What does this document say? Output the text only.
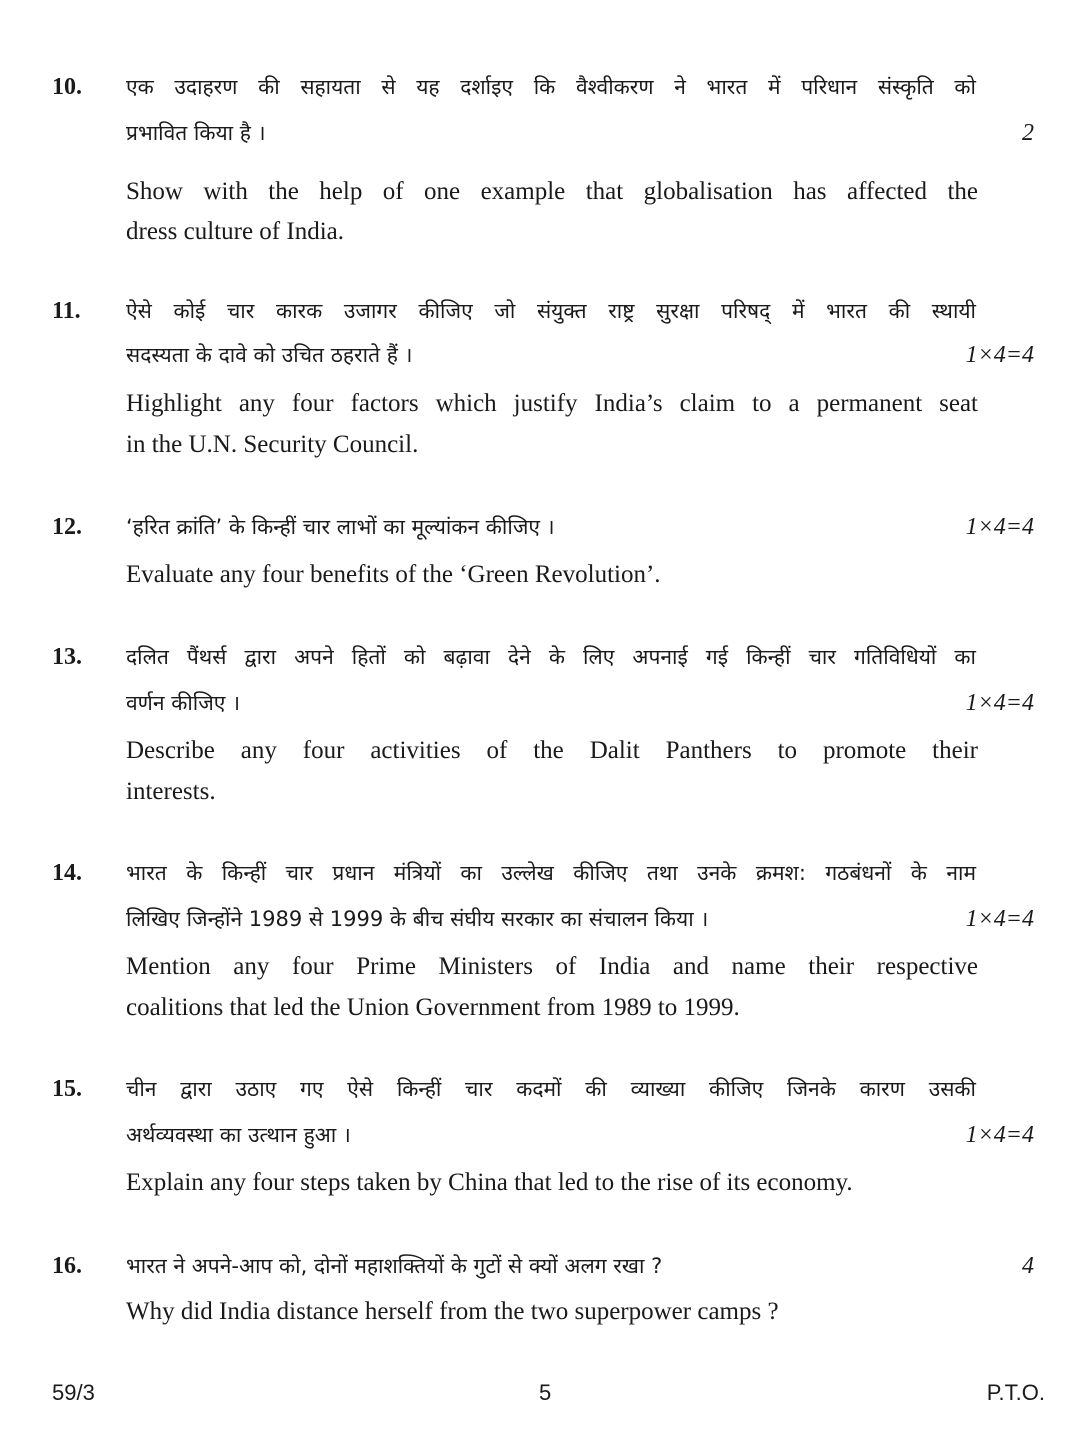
10. एक उदाहरण की सहायता से यह दर्शाइए कि वैश्वीकरण ने भारत में परिधान संस्कृति को
प्रभावित किया है ।	2
Show with the help of one example that globalisation has affected the
dress culture of India.
11. ऐसे कोई चार कारक उजागर कीजिए जो संयुक्त राष्ट्र सुरक्षा परिषद् में भारत की स्थायी
सदस्यता के दावे को उचित ठहराते हैं ।	1×4=4
Highlight any four factors which justify India’s claim to a permanent seat
in the U.N. Security Council.
12. ‘हरित क्रांति’ के किन्हीं चार लाभों का मूल्यांकन कीजिए ।	1×4=4
Evaluate any four benefits of the ‘Green Revolution’.
13. दलित पैंथर्स द्वारा अपने हितों को बढ़ावा देने के लिए अपनाई गई किन्हीं चार गतिविधियों का
वर्णन कीजिए ।	1×4=4
Describe any four activities of the Dalit Panthers to promote their
interests.
14. भारत के किन्हीं चार प्रधान मंत्रियों का उल्लेख कीजिए तथा उनके क्रमश: गठबंधनों के नाम
लिखिए जिन्होंने 1989 से 1999 के बीच संघीय सरकार का संचालन किया ।	1×4=4
Mention any four Prime Ministers of India and name their respective
coalitions that led the Union Government from 1989 to 1999.
15. चीन द्वारा उठाए गए ऐसे किन्हीं चार कदमों की व्याख्या कीजिए जिनके कारण उसकी
अर्थव्यवस्था का उत्थान हुआ ।	1×4=4
Explain any four steps taken by China that led to the rise of its economy.
16. भारत ने अपने-आप को, दोनों महाशक्तियों के गुटों से क्यों अलग रखा ?	4
Why did India distance herself from the two superpower camps ?
59/3	5	P.T.O.
